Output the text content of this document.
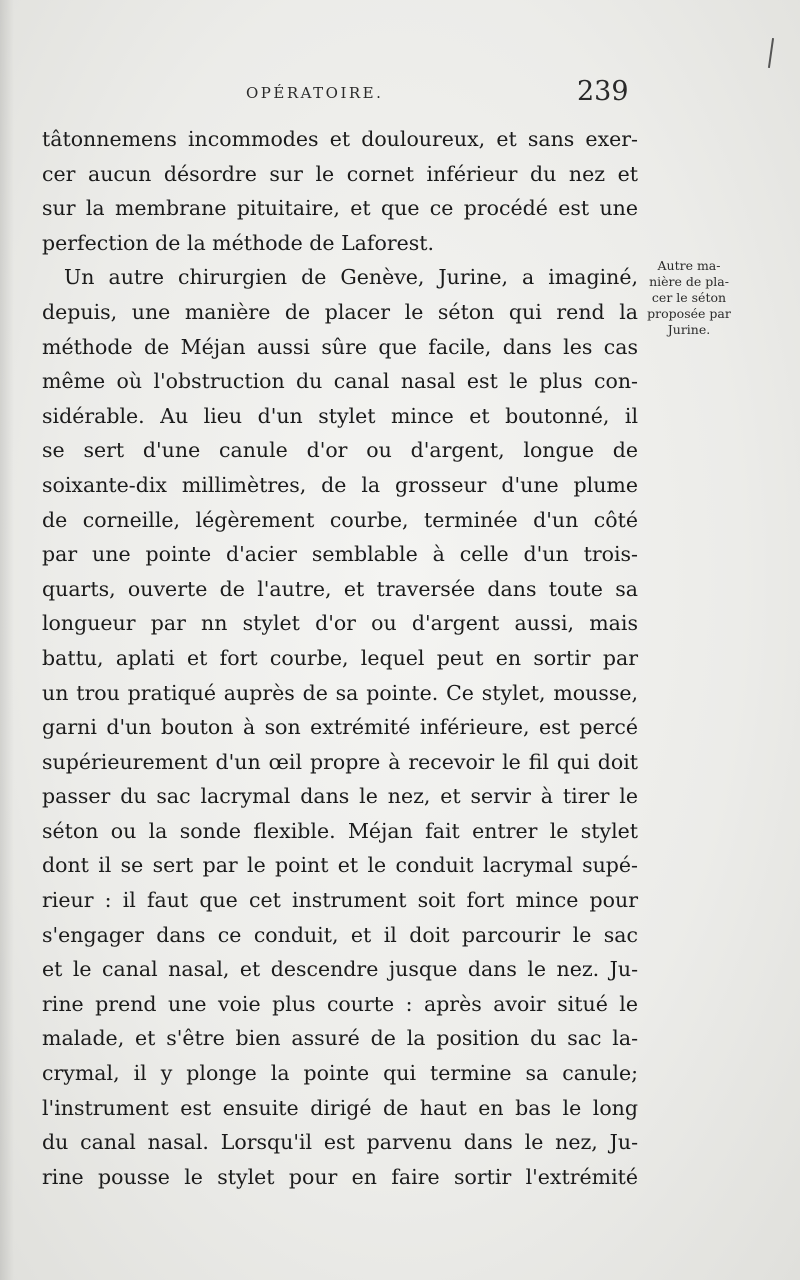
OPÉRATOIRE.	239
tâtonnemens incommodes et douloureux, et sans exer-
cer aucun désordre sur le cornet inférieur du nez et
sur la membrane pituitaire, et que ce procédé est une
perfection de la méthode de Laforest.
Un autre chirurgien de Genève, Jurine, a imaginé,
depuis, une manière de placer le séton qui rend la
méthode de Méjan aussi sûre que facile, dans les cas
même où l'obstruction du canal nasal est le plus con-
sidérable. Au lieu d'un stylet mince et boutonné, il
se sert d'une canule d'or ou d'argent, longue de
soixante-dix millimètres, de la grosseur d'une plume
de corneille, légèrement courbe, terminée d'un côté
par une pointe d'acier semblable à celle d'un trois-
quarts, ouverte de l'autre, et traversée dans toute sa
longueur par nn stylet d'or ou d'argent aussi, mais
battu, aplati et fort courbe, lequel peut en sortir par
un trou pratiqué auprès de sa pointe. Ce stylet, mousse,
garni d'un bouton à son extrémité inférieure, est percé
supérieurement d'un œil propre à recevoir le fil qui doit
passer du sac lacrymal dans le nez, et servir à tirer le
séton ou la sonde flexible. Méjan fait entrer le stylet
dont il se sert par le point et le conduit lacrymal supé-
rieur : il faut que cet instrument soit fort mince pour
s'engager dans ce conduit, et il doit parcourir le sac
et le canal nasal, et descendre jusque dans le nez. Ju-
rine prend une voie plus courte : après avoir situé le
malade, et s'être bien assuré de la position du sac la-
crymal, il y plonge la pointe qui termine sa canule;
l'instrument est ensuite dirigé de haut en bas le long
du canal nasal. Lorsqu'il est parvenu dans le nez, Ju-
rine pousse le stylet pour en faire sortir l'extrémité
Autre ma-
nière de pla-
cer le séton
proposée par
Jurine.
